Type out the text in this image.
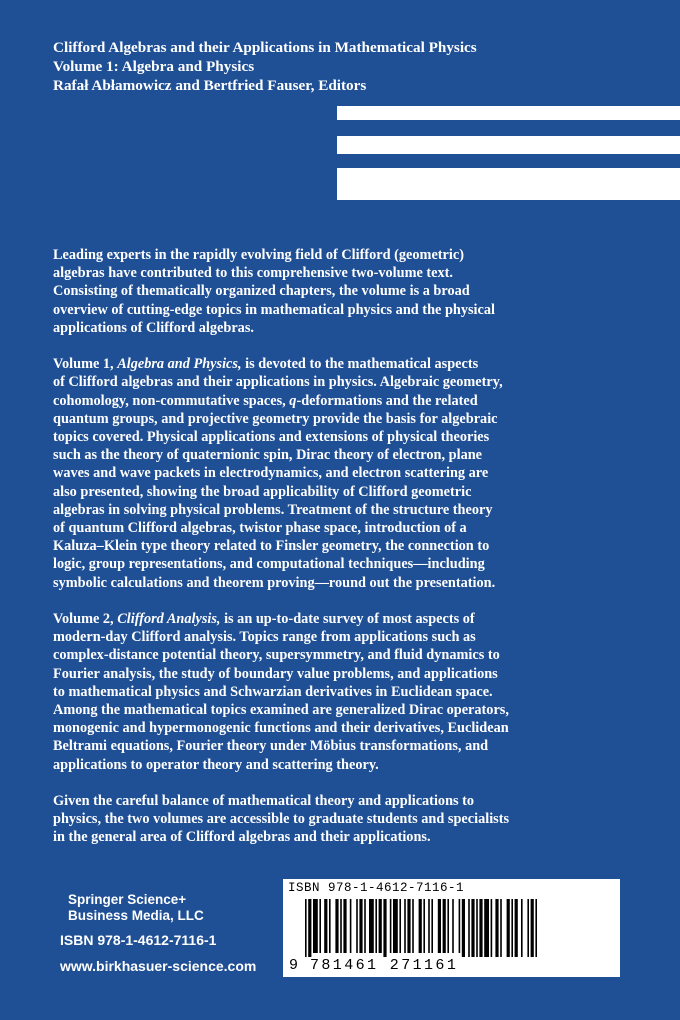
Clifford Algebras and their Applications in Mathematical Physics
Volume 1: Algebra and Physics
Rafał Abłamowicz and Bertfried Fauser, Editors

Leading experts in the rapidly evolving field of Clifford (geometric)
algebras have contributed to this comprehensive two-volume text.
Consisting of thematically organized chapters, the volume is a broad
overview of cutting-edge topics in mathematical physics and the physical
applications of Clifford algebras.

Volume 1, Algebra and Physics, is devoted to the mathematical aspects
of Clifford algebras and their applications in physics. Algebraic geometry,
cohomology, non-commutative spaces, q-deformations and the related
quantum groups, and projective geometry provide the basis for algebraic
topics covered. Physical applications and extensions of physical theories
such as the theory of quaternionic spin, Dirac theory of electron, plane
waves and wave packets in electrodynamics, and electron scattering are
also presented, showing the broad applicability of Clifford geometric
algebras in solving physical problems. Treatment of the structure theory
of quantum Clifford algebras, twistor phase space, introduction of a
Kaluza–Klein type theory related to Finsler geometry, the connection to
logic, group representations, and computational techniques—including
symbolic calculations and theorem proving—round out the presentation.

Volume 2, Clifford Analysis, is an up-to-date survey of most aspects of
modern-day Clifford analysis. Topics range from applications such as
complex-distance potential theory, supersymmetry, and fluid dynamics to
Fourier analysis, the study of boundary value problems, and applications
to mathematical physics and Schwarzian derivatives in Euclidean space.
Among the mathematical topics examined are generalized Dirac operators,
monogenic and hypermonogenic functions and their derivatives, Euclidean
Beltrami equations, Fourier theory under Möbius transformations, and
applications to operator theory and scattering theory.

Given the careful balance of mathematical theory and applications to
physics, the two volumes are accessible to graduate students and specialists
in the general area of Clifford algebras and their applications.

Springer Science+
Business Media, LLC
ISBN 978-1-4612-7116-1
www.birkhasuer-science.com
ISBN 978-1-4612-7116-1
9 781461 271161
